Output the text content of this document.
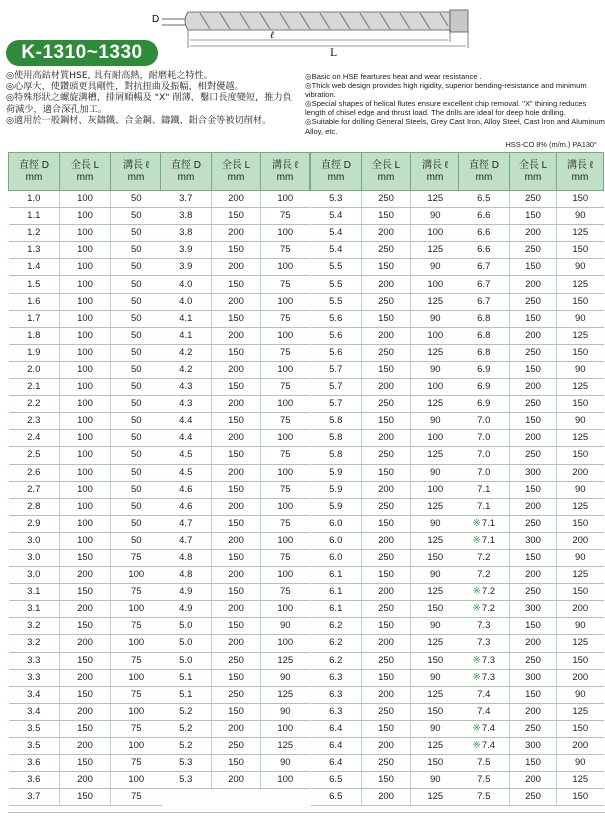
D
ℓ
L
K-1310~1330

◎使用高鈷材質HSE, 具有耐高熱，耐磨耗之特性。

◎心厚大，使鑽頭更具剛性，對抗扭曲及振幅，相對優越。

◎特殊形狀之螺旋溝槽，排屑順暢及 "X" 削薄，鑿口長度變短，推力負荷減少，適合深孔加工。

◎適用於一般鋼材、灰鑄鐵、合金鋼、鑄鐵、鋁合金等被切削材。

◎Basic on HSE feartures heat and wear resistance .

◎Thick web design provides high rigidity, superior bending-resistance and minimum vibration.

◎Special shapes of helical flutes ensure excellent chip removal. "X" thining reduces length of chisel edge and thrust load. The drills are ideal for deep hole drilling.

◎Suitable for drilling General Steels, Grey Cast Iron, Alloy Steel, Cast Iron and Aluminum Alloy, etc.

HSS-CO 8% (m/m.) PA130°
直徑 D
mm	全長 L
mm	溝長 ℓ
mm
1.0	100	50
1.1	100	50
1.2	100	50
1.3	100	50
1.4	100	50
1.5	100	50
1.6	100	50
1.7	100	50
1.8	100	50
1.9	100	50
2.0	100	50
2.1	100	50
2.2	100	50
2.3	100	50
2.4	100	50
2.5	100	50
2.6	100	50
2.7	100	50
2.8	100	50
2.9	100	50
3.0	100	50
3.0	150	75
3.0	200	100
3.1	150	75
3.1	200	100
3.2	150	75
3.2	200	100
3.3	150	75
3.3	200	100
3.4	150	75
3.4	200	100
3.5	150	75
3.5	200	100
3.6	150	75
3.6	200	100
3.7	150	75
直徑 D
mm	全長 L
mm	溝長 ℓ
mm
3.7	200	100
3.8	150	75
3.8	200	100
3.9	150	75
3.9	200	100
4.0	150	75
4.0	200	100
4.1	150	75
4.1	200	100
4.2	150	75
4.2	200	100
4.3	150	75
4.3	200	100
4.4	150	75
4.4	200	100
4.5	150	75
4.5	200	100
4.6	150	75
4.6	200	100
4.7	150	75
4.7	200	100
4.8	150	75
4.8	200	100
4.9	150	75
4.9	200	100
5.0	150	90
5.0	200	100
5.0	250	125
5.1	150	90
5.1	250	125
5.2	150	90
5.2	200	100
5.2	250	125
5.3	150	90
5.3	200	100
直徑 D
mm	全長 L
mm	溝長 ℓ
mm
5.3	250	125
5.4	150	90
5.4	200	100
5.4	250	125
5.5	150	90
5.5	200	100
5.5	250	125
5.6	150	90
5.6	200	100
5.6	250	125
5.7	150	90
5.7	200	100
5.7	250	125
5.8	150	90
5.8	200	100
5.8	250	125
5.9	150	90
5.9	200	100
5.9	250	125
6.0	150	90
6.0	200	125
6.0	250	150
6.1	150	90
6.1	200	125
6.1	250	150
6.2	150	90
6.2	200	125
6.2	250	150
6.3	150	90
6.3	200	125
6.3	250	150
6.4	150	90
6.4	200	125
6.4	250	150
6.5	150	90
6.5	200	125
直徑 D
mm	全長 L
mm	溝長 ℓ
mm
6.5	250	150
6.6	150	90
6.6	200	125
6.6	250	150
6.7	150	90
6.7	200	125
6.7	250	150
6.8	150	90
6.8	200	125
6.8	250	150
6.9	150	90
6.9	200	125
6.9	250	150
7.0	150	90
7.0	200	125
7.0	250	150
7.0	300	200
7.1	150	90
7.1	200	125
※7.1	250	150
※7.1	300	200
7.2	150	90
7.2	200	125
※7.2	250	150
※7.2	300	200
7.3	150	90
7.3	200	125
※7.3	250	150
※7.3	300	200
7.4	150	90
7.4	200	125
※7.4	250	150
※7.4	300	200
7.5	150	90
7.5	200	125
7.5	250	150
